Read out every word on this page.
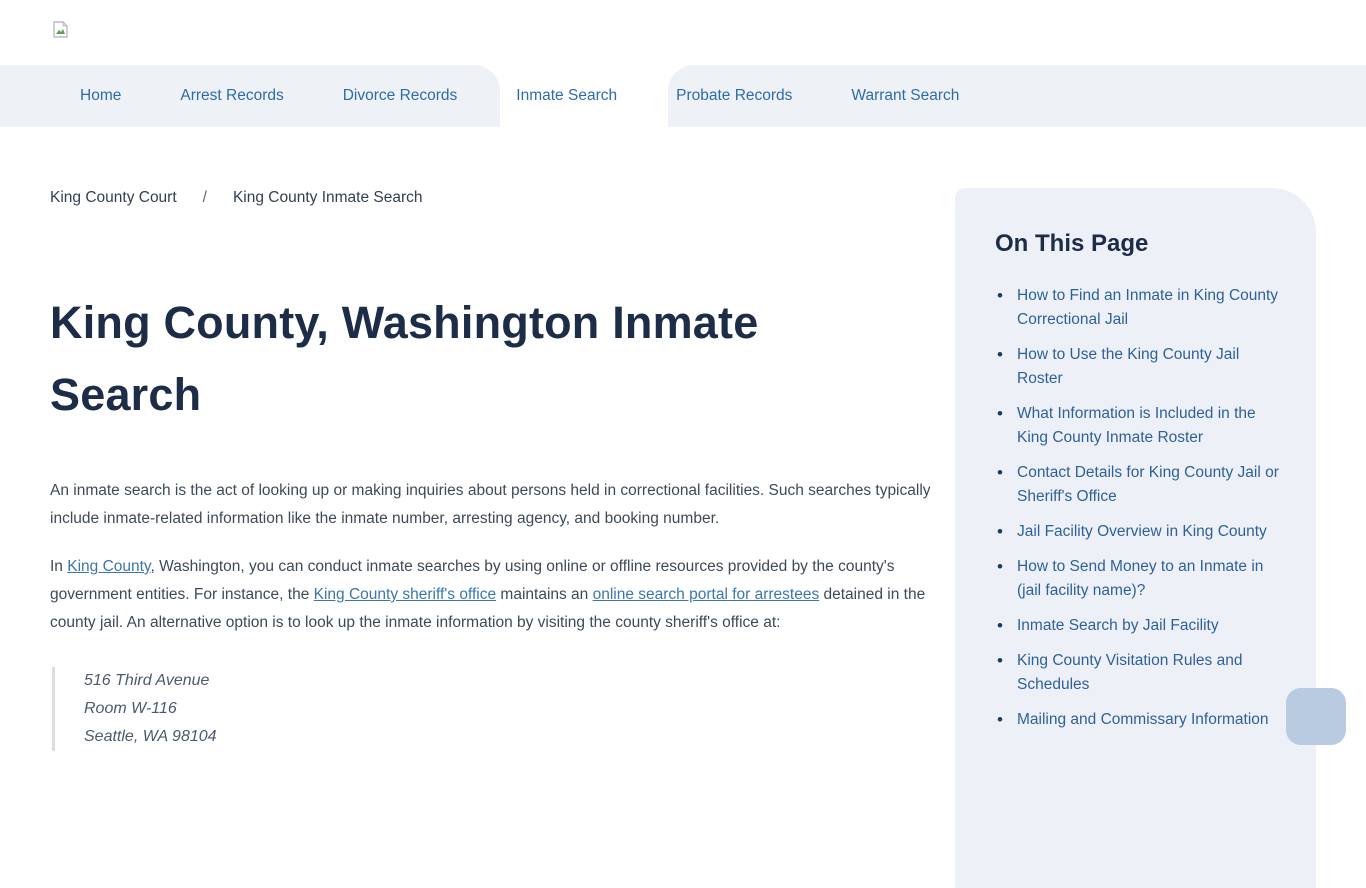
Home	Arrest Records	Divorce Records	Inmate Search	Probate Records	Warrant Search
King County Court / King County Inmate Search
King County, Washington Inmate Search

An inmate search is the act of looking up or making inquiries about persons held in correctional facilities. Such searches typically include inmate-related information like the inmate number, arresting agency, and booking number.

In King County, Washington, you can conduct inmate searches by using online or offline resources provided by the county's government entities. For instance, the King County sheriff's office maintains an online search portal for arrestees detained in the county jail. An alternative option is to look up the inmate information by visiting the county sheriff's office at:

516 Third Avenue
Room W-116
Seattle, WA 98104
On This Page
• How to Find an Inmate in King County Correctional Jail
• How to Use the King County Jail Roster
• What Information is Included in the King County Inmate Roster
• Contact Details for King County Jail or Sheriff's Office
• Jail Facility Overview in King County
• How to Send Money to an Inmate in (jail facility name)?
• Inmate Search by Jail Facility
• King County Visitation Rules and Schedules
• Mailing and Commissary Information
